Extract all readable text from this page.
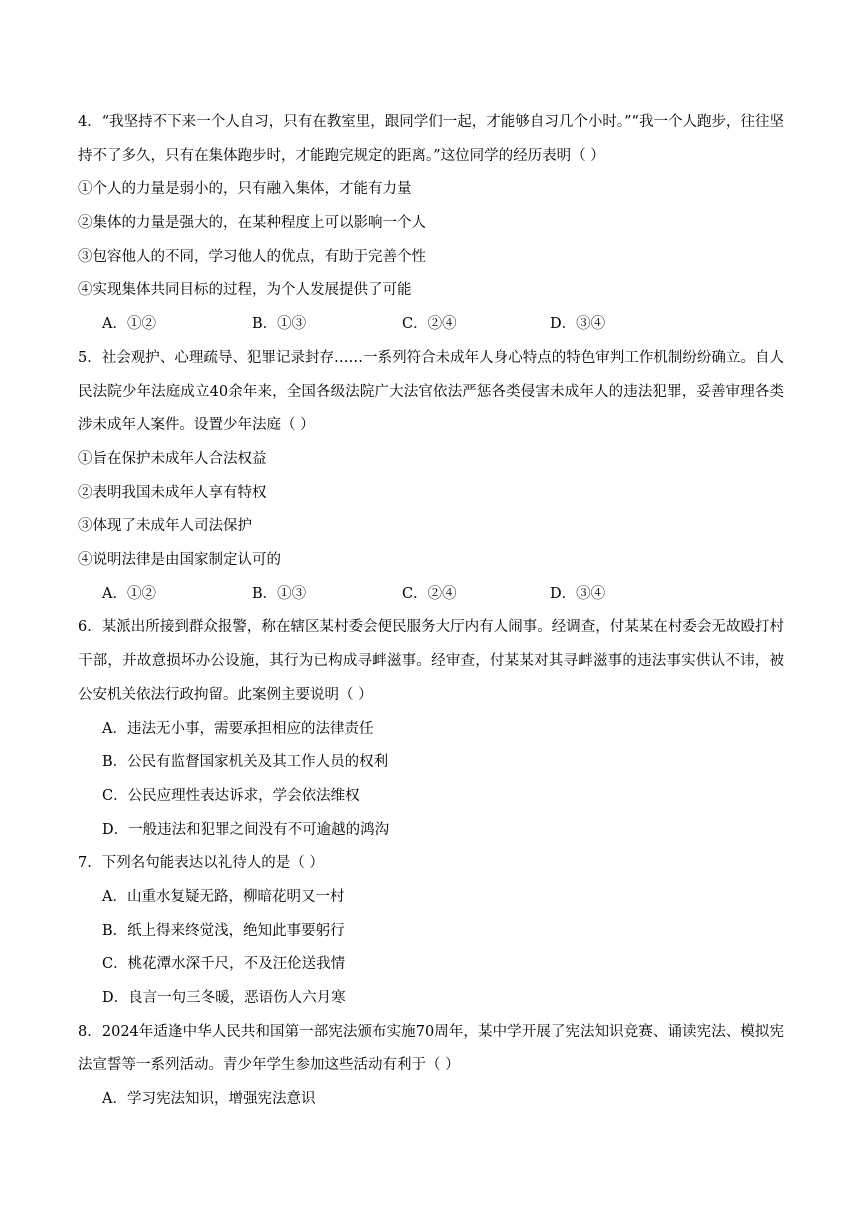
4．“我坚持不下来一个人自习，只有在教室里，跟同学们一起，才能够自习几个小时。”“我一个人跑步，往往坚持不了多久，只有在集体跑步时，才能跑完规定的距离。”这位同学的经历表明（ ）
①个人的力量是弱小的，只有融入集体，才能有力量
②集体的力量是强大的，在某种程度上可以影响一个人
③包容他人的不同，学习他人的优点，有助于完善个性
④实现集体共同目标的过程，为个人发展提供了可能
A．①②	B．①③	C．②④	D．③④
5．社会观护、心理疏导、犯罪记录封存……一系列符合未成年人身心特点的特色审判工作机制纷纷确立。自人民法院少年法庭成立40余年来，全国各级法院广大法官依法严惩各类侵害未成年人的违法犯罪，妥善审理各类涉未成年人案件。设置少年法庭（ ）
①旨在保护未成年人合法权益
②表明我国未成年人享有特权
③体现了未成年人司法保护
④说明法律是由国家制定认可的
A．①②	B．①③	C．②④	D．③④
6．某派出所接到群众报警，称在辖区某村委会便民服务大厅内有人闹事。经调查，付某某在村委会无故殴打村干部，并故意损坏办公设施，其行为已构成寻衅滋事。经审查，付某某对其寻衅滋事的违法事实供认不讳，被公安机关依法行政拘留。此案例主要说明（ ）
A．违法无小事，需要承担相应的法律责任
B．公民有监督国家机关及其工作人员的权利
C．公民应理性表达诉求，学会依法维权
D．一般违法和犯罪之间没有不可逾越的鸿沟
7．下列名句能表达以礼待人的是（ ）
A．山重水复疑无路，柳暗花明又一村
B．纸上得来终觉浅，绝知此事要躬行
C．桃花潭水深千尺，不及汪伦送我情
D．良言一句三冬暖，恶语伤人六月寒
8．2024年适逢中华人民共和国第一部宪法颁布实施70周年，某中学开展了宪法知识竞赛、诵读宪法、模拟宪法宣誓等一系列活动。青少年学生参加这些活动有利于（ ）
A．学习宪法知识，增强宪法意识
